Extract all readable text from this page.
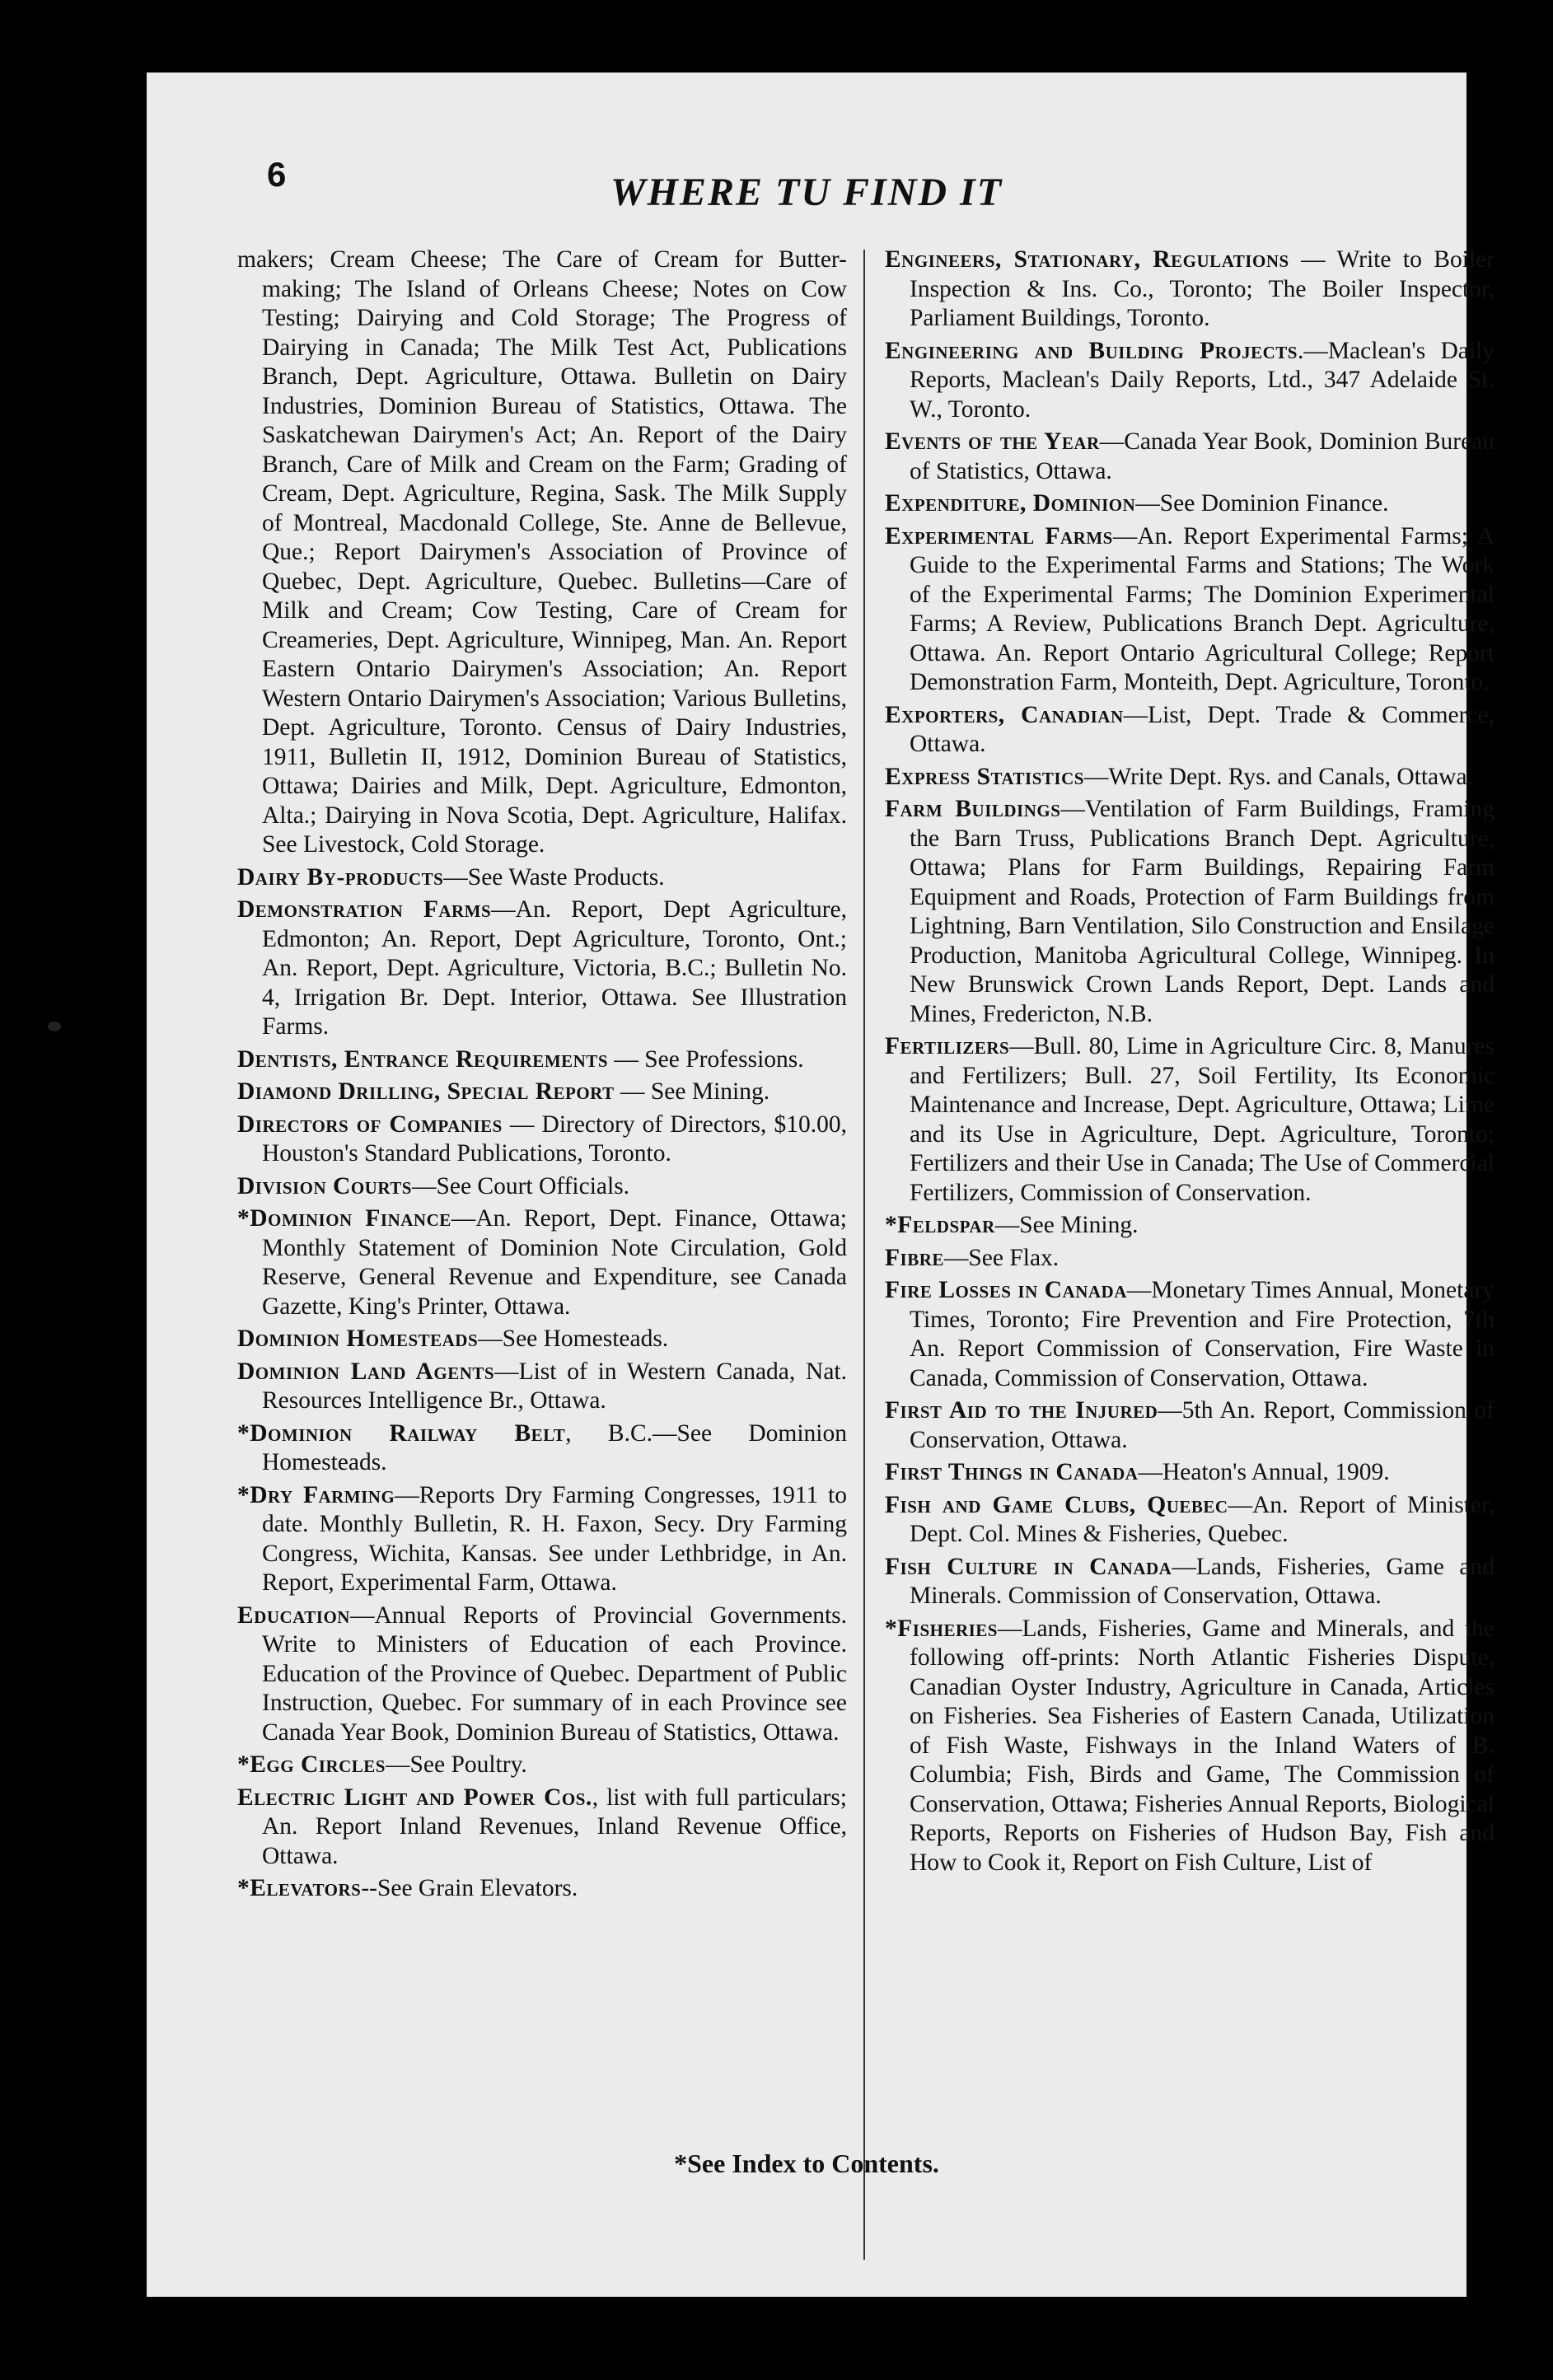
6	WHERE TU FIND IT

makers; Cream Cheese; The Care of Cream for Butter-making; The Island of Orleans Cheese; Notes on Cow Testing; Dairying and Cold Storage; The Progress of Dairying in Canada; The Milk Test Act, Publications Branch, Dept. Agriculture, Ottawa. Bulletin on Dairy Industries, Dominion Bureau of Statistics, Ottawa. The Saskatchewan Dairymen's Act; An. Report of the Dairy Branch, Care of Milk and Cream on the Farm; Grading of Cream, Dept. Agriculture, Regina, Sask. The Milk Supply of Montreal, Macdonald College, Ste. Anne de Bellevue, Que.; Report Dairymen's Association of Province of Quebec, Dept. Agriculture, Quebec. Bulletins—Care of Milk and Cream; Cow Testing, Care of Cream for Creameries, Dept. Agriculture, Winnipeg, Man. An. Report Eastern Ontario Dairymen's Association; An. Report Western Ontario Dairymen's Association; Various Bulletins, Dept. Agriculture, Toronto. Census of Dairy Industries, 1911, Bulletin II, 1912, Dominion Bureau of Statistics, Ottawa; Dairies and Milk, Dept. Agriculture, Edmonton, Alta.; Dairying in Nova Scotia, Dept. Agriculture, Halifax. See Livestock, Cold Storage.

Dairy By-products—See Waste Products.

Demonstration Farms—An. Report, Dept Agriculture, Edmonton; An. Report, Dept Agriculture, Toronto, Ont.; An. Report, Dept. Agriculture, Victoria, B.C.; Bulletin No. 4, Irrigation Br. Dept. Interior, Ottawa. See Illustration Farms.

Dentists, Entrance Requirements — See Professions.

Diamond Drilling, Special Report — See Mining.

Directors of Companies — Directory of Directors, $10.00, Houston's Standard Publications, Toronto.

Division Courts—See Court Officials.

*Dominion Finance—An. Report, Dept. Finance, Ottawa; Monthly Statement of Dominion Note Circulation, Gold Reserve, General Revenue and Expenditure, see Canada Gazette, King's Printer, Ottawa.

Dominion Homesteads—See Homesteads.

Dominion Land Agents—List of in Western Canada, Nat. Resources Intelligence Br., Ottawa.

*Dominion Railway Belt, B.C.—See Dominion Homesteads.

*Dry Farming—Reports Dry Farming Congresses, 1911 to date. Monthly Bulletin, R. H. Faxon, Secy. Dry Farming Congress, Wichita, Kansas. See under Lethbridge, in An. Report, Experimental Farm, Ottawa.

Education—Annual Reports of Provincial Governments. Write to Ministers of Education of each Province. Education of the Province of Quebec. Department of Public Instruction, Quebec. For summary of in each Province see Canada Year Book, Dominion Bureau of Statistics, Ottawa.

*Egg Circles—See Poultry.

Electric Light and Power Cos., list with full particulars; An. Report Inland Revenues, Inland Revenue Office, Ottawa.

*Elevators--See Grain Elevators.

Engineers, Stationary, Regulations — Write to Boiler Inspection & Ins. Co., Toronto; The Boiler Inspector, Parliament Buildings, Toronto.

Engineering and Building Projects.—Maclean's Daily Reports, Maclean's Daily Reports, Ltd., 347 Adelaide St. W., Toronto.

Events of the Year—Canada Year Book, Dominion Bureau of Statistics, Ottawa.

Expenditure, Dominion—See Dominion Finance.

Experimental Farms—An. Report Experimental Farms; A Guide to the Experimental Farms and Stations; The Work of the Experimental Farms; The Dominion Experimental Farms; A Review, Publications Branch Dept. Agriculture, Ottawa. An. Report Ontario Agricultural College; Report Demonstration Farm, Monteith, Dept. Agriculture, Toronto.

Exporters, Canadian—List, Dept. Trade & Commerce, Ottawa.

Express Statistics—Write Dept. Rys. and Canals, Ottawa.

Farm Buildings—Ventilation of Farm Buildings, Framing the Barn Truss, Publications Branch Dept. Agriculture, Ottawa; Plans for Farm Buildings, Repairing Farm Equipment and Roads, Protection of Farm Buildings from Lightning, Barn Ventilation, Silo Construction and Ensilage Production, Manitoba Agricultural College, Winnipeg. In New Brunswick Crown Lands Report, Dept. Lands and Mines, Fredericton, N.B.

Fertilizers—Bull. 80, Lime in Agriculture Circ. 8, Manures and Fertilizers; Bull. 27, Soil Fertility, Its Economic Maintenance and Increase, Dept. Agriculture, Ottawa; Lime and its Use in Agriculture, Dept. Agriculture, Toronto; Fertilizers and their Use in Canada; The Use of Commercial Fertilizers, Commission of Conservation.

*Feldspar—See Mining.

Fibre—See Flax.

Fire Losses in Canada—Monetary Times Annual, Monetary Times, Toronto; Fire Prevention and Fire Protection, 7th An. Report Commission of Conservation, Fire Waste in Canada, Commission of Conservation, Ottawa.

First Aid to the Injured—5th An. Report, Commission of Conservation, Ottawa.

First Things in Canada—Heaton's Annual, 1909.

Fish and Game Clubs, Quebec—An. Report of Minister, Dept. Col. Mines & Fisheries, Quebec.

Fish Culture in Canada—Lands, Fisheries, Game and Minerals. Commission of Conservation, Ottawa.

*Fisheries—Lands, Fisheries, Game and Minerals, and the following off-prints: North Atlantic Fisheries Dispute, Canadian Oyster Industry, Agriculture in Canada, Articles on Fisheries. Sea Fisheries of Eastern Canada, Utilization of Fish Waste, Fishways in the Inland Waters of B. Columbia; Fish, Birds and Game, The Commission of Conservation, Ottawa; Fisheries Annual Reports, Biological Reports, Reports on Fisheries of Hudson Bay, Fish and How to Cook it, Report on Fish Culture, List of

*See Index to Contents.
